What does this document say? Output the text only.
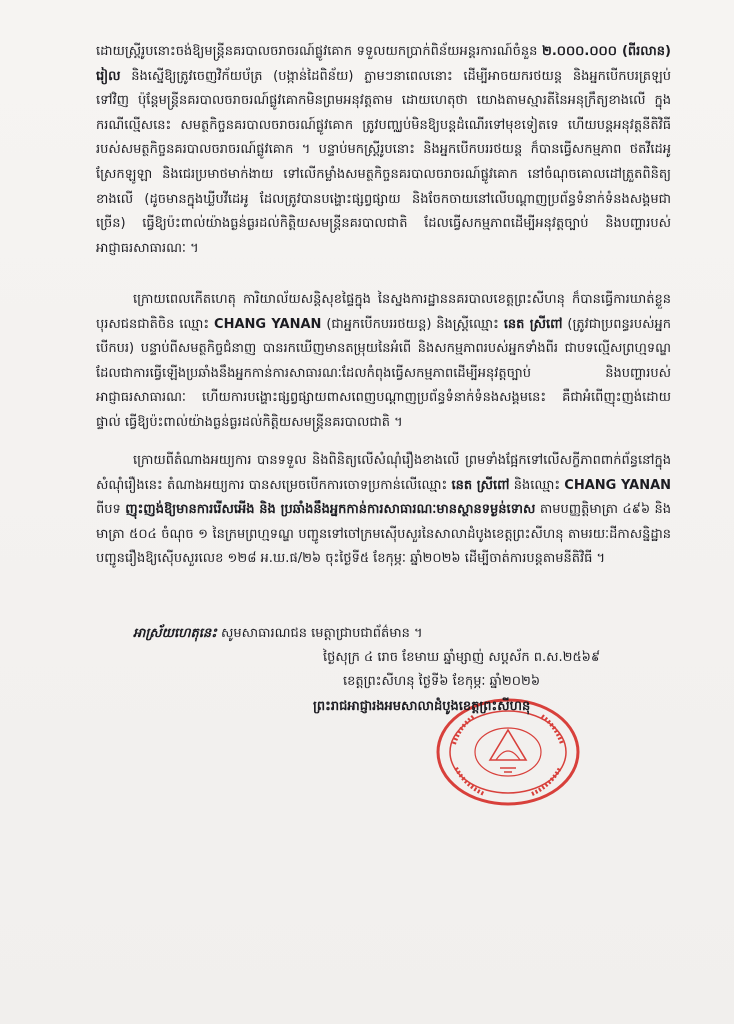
ដោយស្ត្រីរូបនោះចង់ឱ្យមន្ត្រីនគរបាលចរាចរណ៍ផ្លូវគោក ទទួលយកប្រាក់ពិន័យអន្តរការណ៍ចំនួន ២.០០០.០០០ (ពីរលាន) រៀល និងស្នើឱ្យត្រូវចេញវិក័យប័ត្រ (បង្កាន់ដៃពិន័យ) ភ្លាមៗនាពេលនោះ ដើម្បីអាចយករថយន្ត និងអ្នកបើកបរត្រឡប់ទៅវិញ ប៉ុន្តែមន្ត្រីនគរបាលចរាចរណ៍ផ្លូវគោកមិនព្រមអនុវត្តតាម ដោយហេតុថា យោងតាមស្មារតីនៃអនុក្រឹត្យខាងលើ ក្នុងករណីល្មើសនេះ សមត្ថកិច្ចនគរបាលចរាចរណ៍ផ្លូវគោក ត្រូវបញ្ឈប់មិនឱ្យបន្តដំណើរទៅមុខទៀតទេ ហើយបន្តអនុវត្តនីតិវិធីរបស់សមត្ថកិច្ចនគរបាលចរាចរណ៍ផ្លូវគោក ។ បន្ទាប់មកស្ត្រីរូបនោះ និងអ្នកបើកបររថយន្ត ក៏បានធ្វើសកម្មភាព ថតវីដេអូ ស្រែកឡូឡា និងជេរប្រមាថមាក់ងាយ ទៅលើកម្លាំងសមត្ថកិច្ចនគរបាលចរាចរណ៍ផ្លូវគោក នៅចំណុចគោលដៅត្រួតពិនិត្យខាងលើ (ដូចមានក្នុងឃ្លីបវីដេអូ ដែលត្រូវបានបង្ហោះផ្សព្វផ្សាយ និងចែកចាយនៅលើបណ្តាញប្រព័ន្ធទំនាក់ទំនងសង្គមជាច្រើន) ធ្វើឱ្យប៉ះពាល់យ៉ាងធ្ងន់ធ្ងរដល់កិត្តិយសមន្ត្រីនគរបាលជាតិ ដែលធ្វើសកម្មភាពដើម្បីអនុវត្តច្បាប់ និងបញ្ហារបស់អាជ្ញាធរសាធារណៈ ។

ក្រោយពេលកើតហេតុ ការិយាល័យសន្តិសុខផ្ទៃក្នុង នៃស្នងការដ្ឋាននគរបាលខេត្តព្រះសីហនុ ក៏បានធ្វើការឃាត់ខ្លួន បុរសជនជាតិចិន ឈ្មោះ CHANG YANAN (ជាអ្នកបើកបររថយន្ត) និងស្ត្រីឈ្មោះ នេត ស្រីពៅ (ត្រូវជាប្រពន្ធរបស់អ្នកបើកបរ) បន្ទាប់ពីសមត្ថកិច្ចជំនាញ បានរកឃើញមានតម្រុយនៃអំពើ និងសកម្មភាពរបស់អ្នកទាំងពីរ ជាបទល្មើសព្រហ្មទណ្ឌ ដែលជាការធ្វើឡើងប្រឆាំងនឹងអ្នកកាន់ការសាធារណៈដែលកំពុងធ្វើសកម្មភាពដើម្បីអនុវត្តច្បាប់ និងបញ្ហារបស់អាជ្ញាធរសាធារណៈ ហើយការបង្ហោះផ្សព្វផ្សាយពាសពេញបណ្តាញប្រព័ន្ធទំនាក់ទំនងសង្គមនេះ គឺជាអំពើញុះញង់ដោយផ្ទាល់ ធ្វើឱ្យប៉ះពាល់យ៉ាងធ្ងន់ធ្ងរដល់កិត្តិយសមន្ត្រីនគរបាលជាតិ ។

ក្រោយពីតំណាងអយ្យការ បានទទួល និងពិនិត្យលើសំណុំរឿងខាងលើ ព្រមទាំងផ្អែកទៅលើសក្ខីភាពពាក់ព័ន្ធនៅក្នុងសំណុំរឿងនេះ តំណាងអយ្យការ បានសម្រេចបើកការចោទប្រកាន់លើឈ្មោះ នេត ស្រីពៅ និងឈ្មោះ CHANG YANAN ពីបទ ញុះញង់ឱ្យមានការរើសអើង និង ប្រឆាំងនឹងអ្នកកាន់ការសាធារណៈមានស្ថានទម្ងន់ទោស តាមបញ្ញត្តិមាត្រា ៤៩៦ និងមាត្រា ៥០៤ ចំណុច ១ នៃក្រមព្រហ្មទណ្ឌ បញ្ជូនទៅចៅក្រមស៊ើបសួរនៃសាលាដំបូងខេត្តព្រះសីហនុ តាមរយៈដីកាសន្និដ្ឋានបញ្ជូនរឿងឱ្យស៊ើបសួរលេខ ១២៨ អ.ឃ.ផ/២៦ ចុះថ្ងៃទី៥ ខែកុម្ភៈ ឆ្នាំ២០២៦ ដើម្បីចាត់ការបន្តតាមនីតិវិធី ។

អាស្រ័យហេតុនេះ សូមសាធារណជន មេត្តាជ្រាបជាព័ត៌មាន ។

ថ្ងៃសុក្រ ៤ រោច ខែមាឃ ឆ្នាំម្សាញ់ សប្តស័ក ព.ស.២៥៦៩

ខេត្តព្រះសីហនុ ថ្ងៃទី៦ ខែកុម្ភៈ ឆ្នាំ២០២៦

ព្រះរាជអាជ្ញារងអមសាលាដំបូងខេត្តព្រះសីហនុ
